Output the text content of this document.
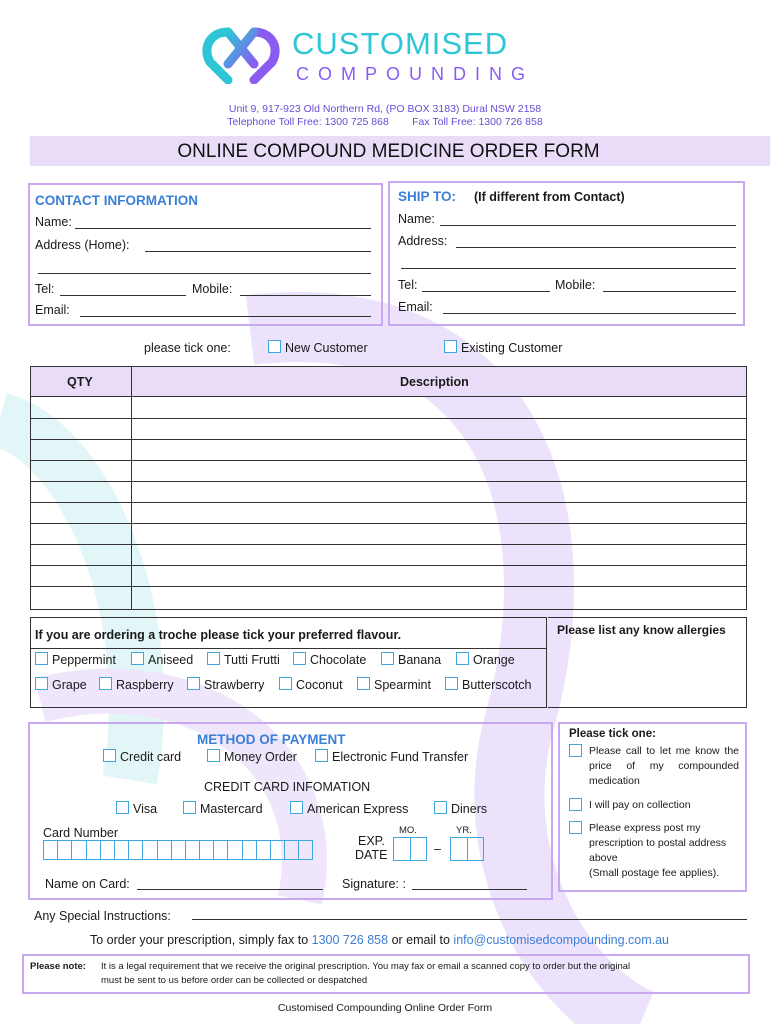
CUSTOMISED
COMPOUNDING
Unit 9, 917-923 Old Northern Rd, (PO BOX 3183) Dural NSW 2158
Telephone Toll Free: 1300 725 868        Fax Toll Free: 1300 726 858
ONLINE COMPOUND MEDICINE ORDER FORM
CONTACT INFORMATION
Name:
Address (Home):
Tel:	Mobile:
Email:
SHIP TO: (If different from Contact)
Name:
Address:
Tel:	Mobile:
Email:
please tick one:	New Customer	Existing Customer
QTY	Description
If you are ordering a troche please tick your preferred flavour.	Please list any know allergies
Peppermint	Aniseed Tutti Frutti Chocolate	Banana	Orange
Grape Raspberry Strawberry	Coconut	Spearmint Butterscotch
METHOD OF PAYMENT
Credit card	Money Order	Electronic Fund Transfer
CREDIT CARD INFOMATION
Visa	Mastercard	American Express	Diners
Card Number
EXP.
DATE
MO.	YR.
–
Name on Card:	Signature: :
Please tick one:
Please call to let me know the price of my compounded medication
I will pay on collection
Please express post my prescription to postal address above
(Small postage fee applies).
Any Special Instructions:
To order your prescription, simply fax to 1300 726 858 or email to info@customisedcompounding.com.au
Please note: It is a legal requirement that we receive the original prescription. You may fax or email a scanned copy to order but the original
must be sent to us before order can be collected or despatched
Customised Compounding Online Order Form
